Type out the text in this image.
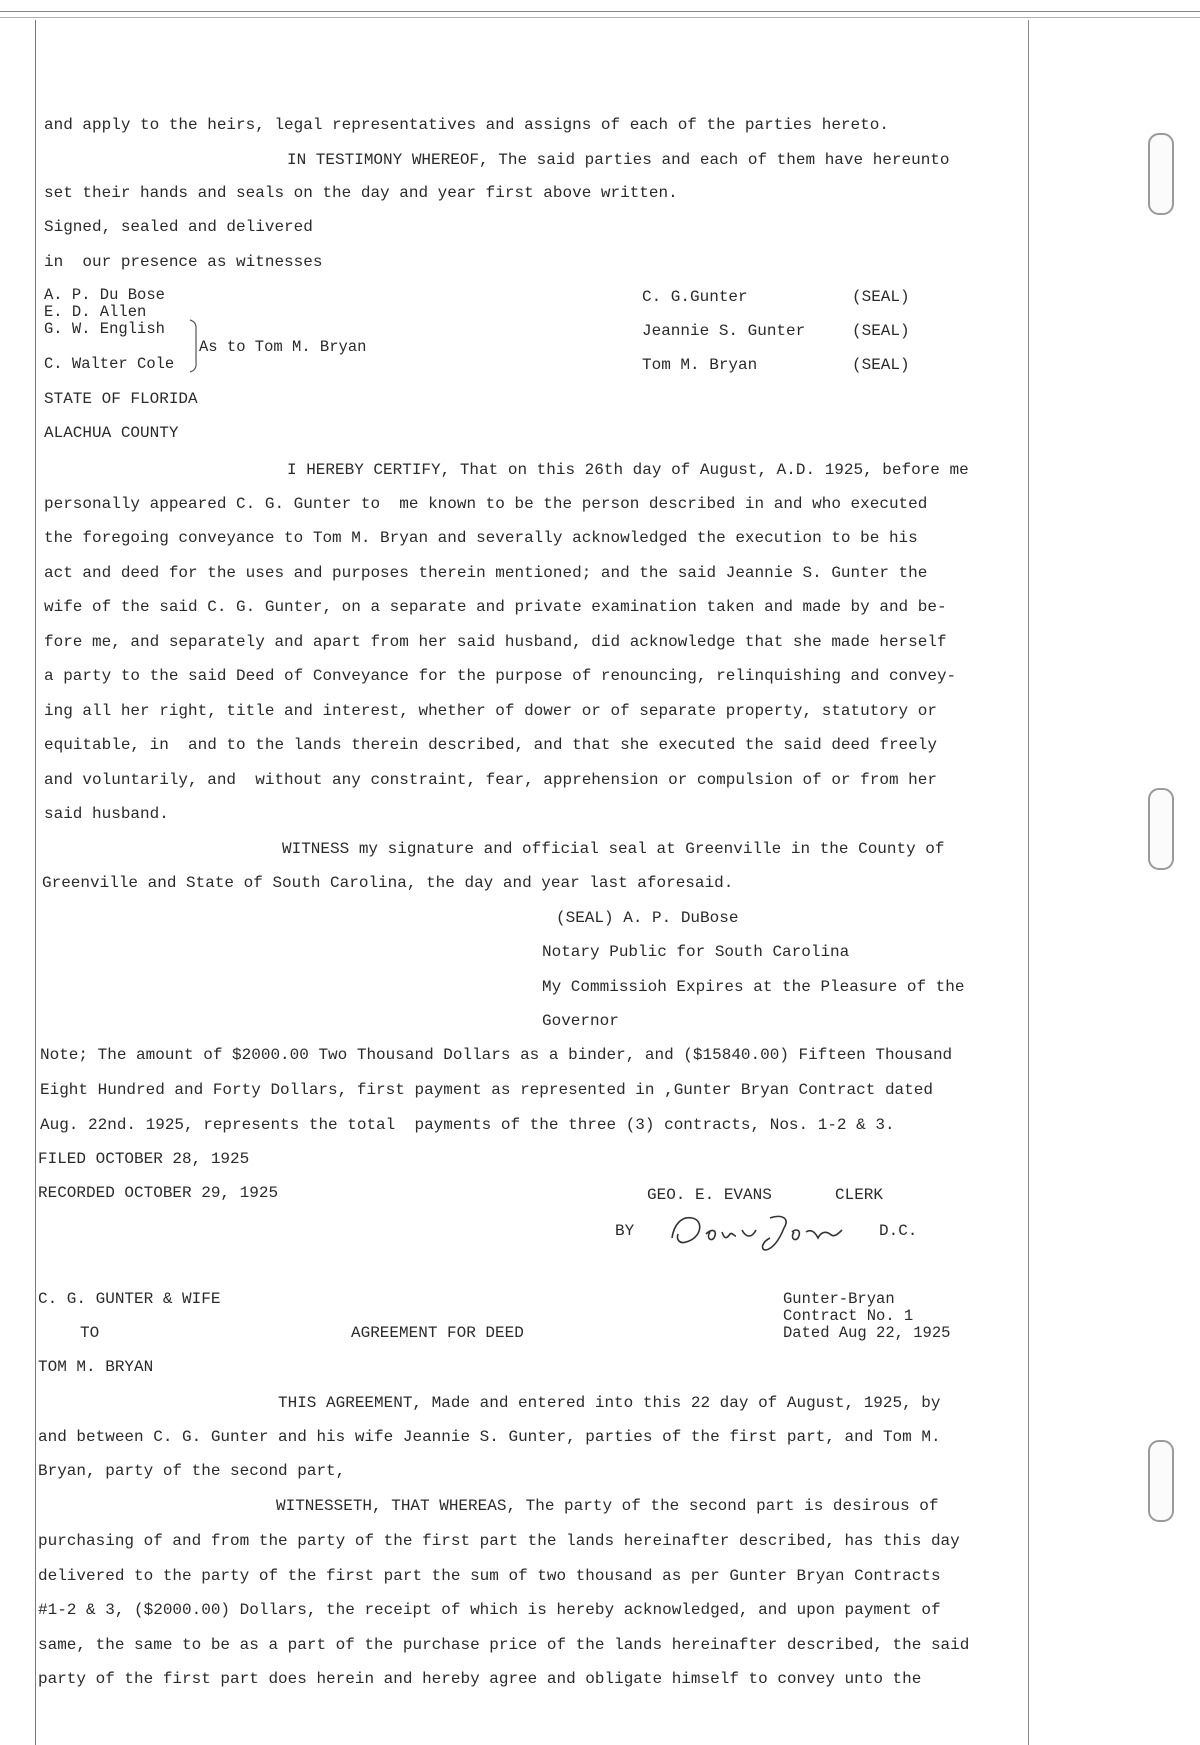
and apply to the heirs, legal representatives and assigns of each of the parties hereto.
IN TESTIMONY WHEREOF, The said parties and each of them have hereunto
set their hands and seals on the day and year first above written.
Signed, sealed and delivered
in  our presence as witnesses
A. P. Du Bose
E. D. Allen
G. W. English
As to Tom M. Bryan
C. Walter Cole
C. G.Gunter	(SEAL)
Jeannie S. Gunter	(SEAL)
Tom M. Bryan	(SEAL)
STATE OF FLORIDA
ALACHUA COUNTY
I HEREBY CERTIFY, That on this 26th day of August, A.D. 1925, before me
personally appeared C. G. Gunter to  me known to be the person described in and who executed
the foregoing conveyance to Tom M. Bryan and severally acknowledged the execution to be his
act and deed for the uses and purposes therein mentioned; and the said Jeannie S. Gunter the
wife of the said C. G. Gunter, on a separate and private examination taken and made by and be-
fore me, and separately and apart from her said husband, did acknowledge that she made herself
a party to the said Deed of Conveyance for the purpose of renouncing, relinquishing and convey-
ing all her right, title and interest, whether of dower or of separate property, statutory or
equitable, in  and to the lands therein described, and that she executed the said deed freely
and voluntarily, and  without any constraint, fear, apprehension or compulsion of or from her
said husband.
WITNESS my signature and official seal at Greenville in the County of
Greenville and State of South Carolina, the day and year last aforesaid.
(SEAL) A. P. DuBose
Notary Public for South Carolina
My Commissioh Expires at the Pleasure of the
Governor
Note; The amount of $2000.00 Two Thousand Dollars as a binder, and ($15840.00) Fifteen Thousand
Eight Hundred and Forty Dollars, first payment as represented in ,Gunter Bryan Contract dated
Aug. 22nd. 1925, represents the total  payments of the three (3) contracts, Nos. 1-2 & 3.
FILED OCTOBER 28, 1925
RECORDED OCTOBER 29, 1925	GEO. E. EVANS	CLERK
BY	D.C.
C. G. GUNTER & WIFE
TO
TOM M. BRYAN
AGREEMENT FOR DEED
Gunter-Bryan
Contract No. 1
Dated Aug 22, 1925
THIS AGREEMENT, Made and entered into this 22 day of August, 1925, by
and between C. G. Gunter and his wife Jeannie S. Gunter, parties of the first part, and Tom M.
Bryan, party of the second part,
WITNESSETH, THAT WHEREAS, The party of the second part is desirous of
purchasing of and from the party of the first part the lands hereinafter described, has this day
delivered to the party of the first part the sum of two thousand as per Gunter Bryan Contracts
#1-2 & 3, ($2000.00) Dollars, the receipt of which is hereby acknowledged, and upon payment of
same, the same to be as a part of the purchase price of the lands hereinafter described, the said
party of the first part does herein and hereby agree and obligate himself to convey unto the
